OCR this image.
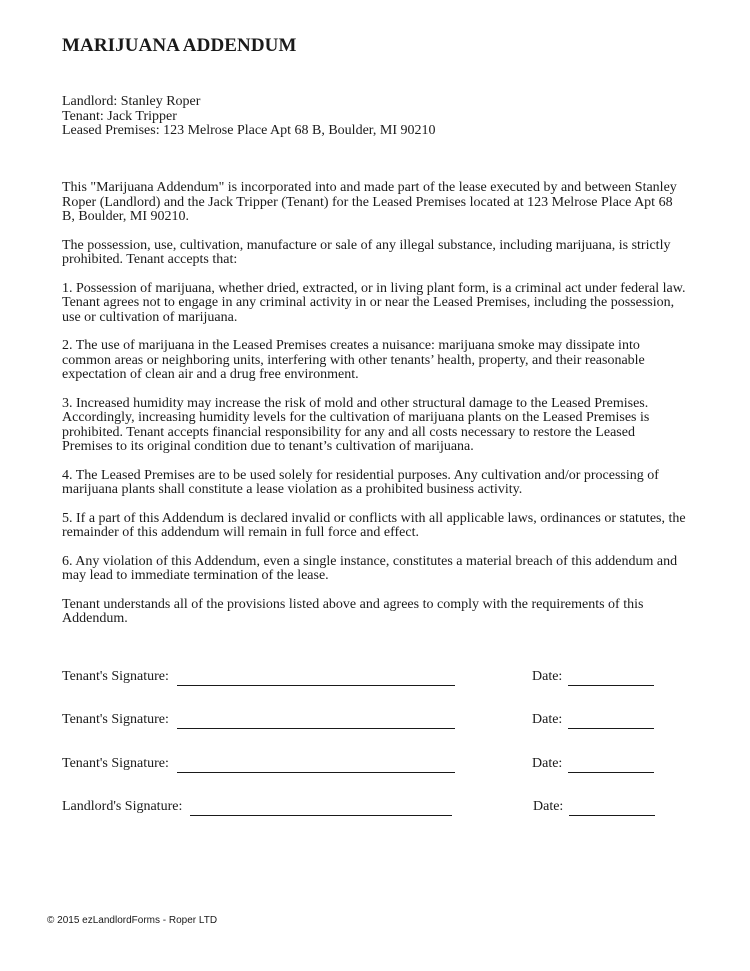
MARIJUANA ADDENDUM
Landlord: Stanley Roper
Tenant: Jack Tripper
Leased Premises: 123 Melrose Place Apt 68 B, Boulder, MI 90210

This "Marijuana Addendum" is incorporated into and made part of the lease executed by and between Stanley Roper (Landlord) and the Jack Tripper (Tenant) for the Leased Premises located at 123 Melrose Place Apt 68 B, Boulder, MI 90210.

The possession, use, cultivation, manufacture or sale of any illegal substance, including marijuana, is strictly prohibited. Tenant accepts that:

1. Possession of marijuana, whether dried, extracted, or in living plant form, is a criminal act under federal law. Tenant agrees not to engage in any criminal activity in or near the Leased Premises, including the possession, use or cultivation of marijuana.

2. The use of marijuana in the Leased Premises creates a nuisance: marijuana smoke may dissipate into common areas or neighboring units, interfering with other tenants’ health, property, and their reasonable expectation of clean air and a drug free environment.

3. Increased humidity may increase the risk of mold and other structural damage to the Leased Premises. Accordingly, increasing humidity levels for the cultivation of marijuana plants on the Leased Premises is prohibited. Tenant accepts financial responsibility for any and all costs necessary to restore the Leased Premises to its original condition due to tenant’s cultivation of marijuana.

4. The Leased Premises are to be used solely for residential purposes. Any cultivation and/or processing of marijuana plants shall constitute a lease violation as a prohibited business activity.

5. If a part of this Addendum is declared invalid or conflicts with all applicable laws, ordinances or statutes, the remainder of this addendum will remain in full force and effect.

6. Any violation of this Addendum, even a single instance, constitutes a material breach of this addendum and may lead to immediate termination of the lease.

Tenant understands all of the provisions listed above and agrees to comply with the requirements of this Addendum.

Tenant's Signature:	Date:
Tenant's Signature:	Date:
Tenant's Signature:	Date:
Landlord's Signature:	Date:
© 2015 ezLandlordForms - Roper LTD
